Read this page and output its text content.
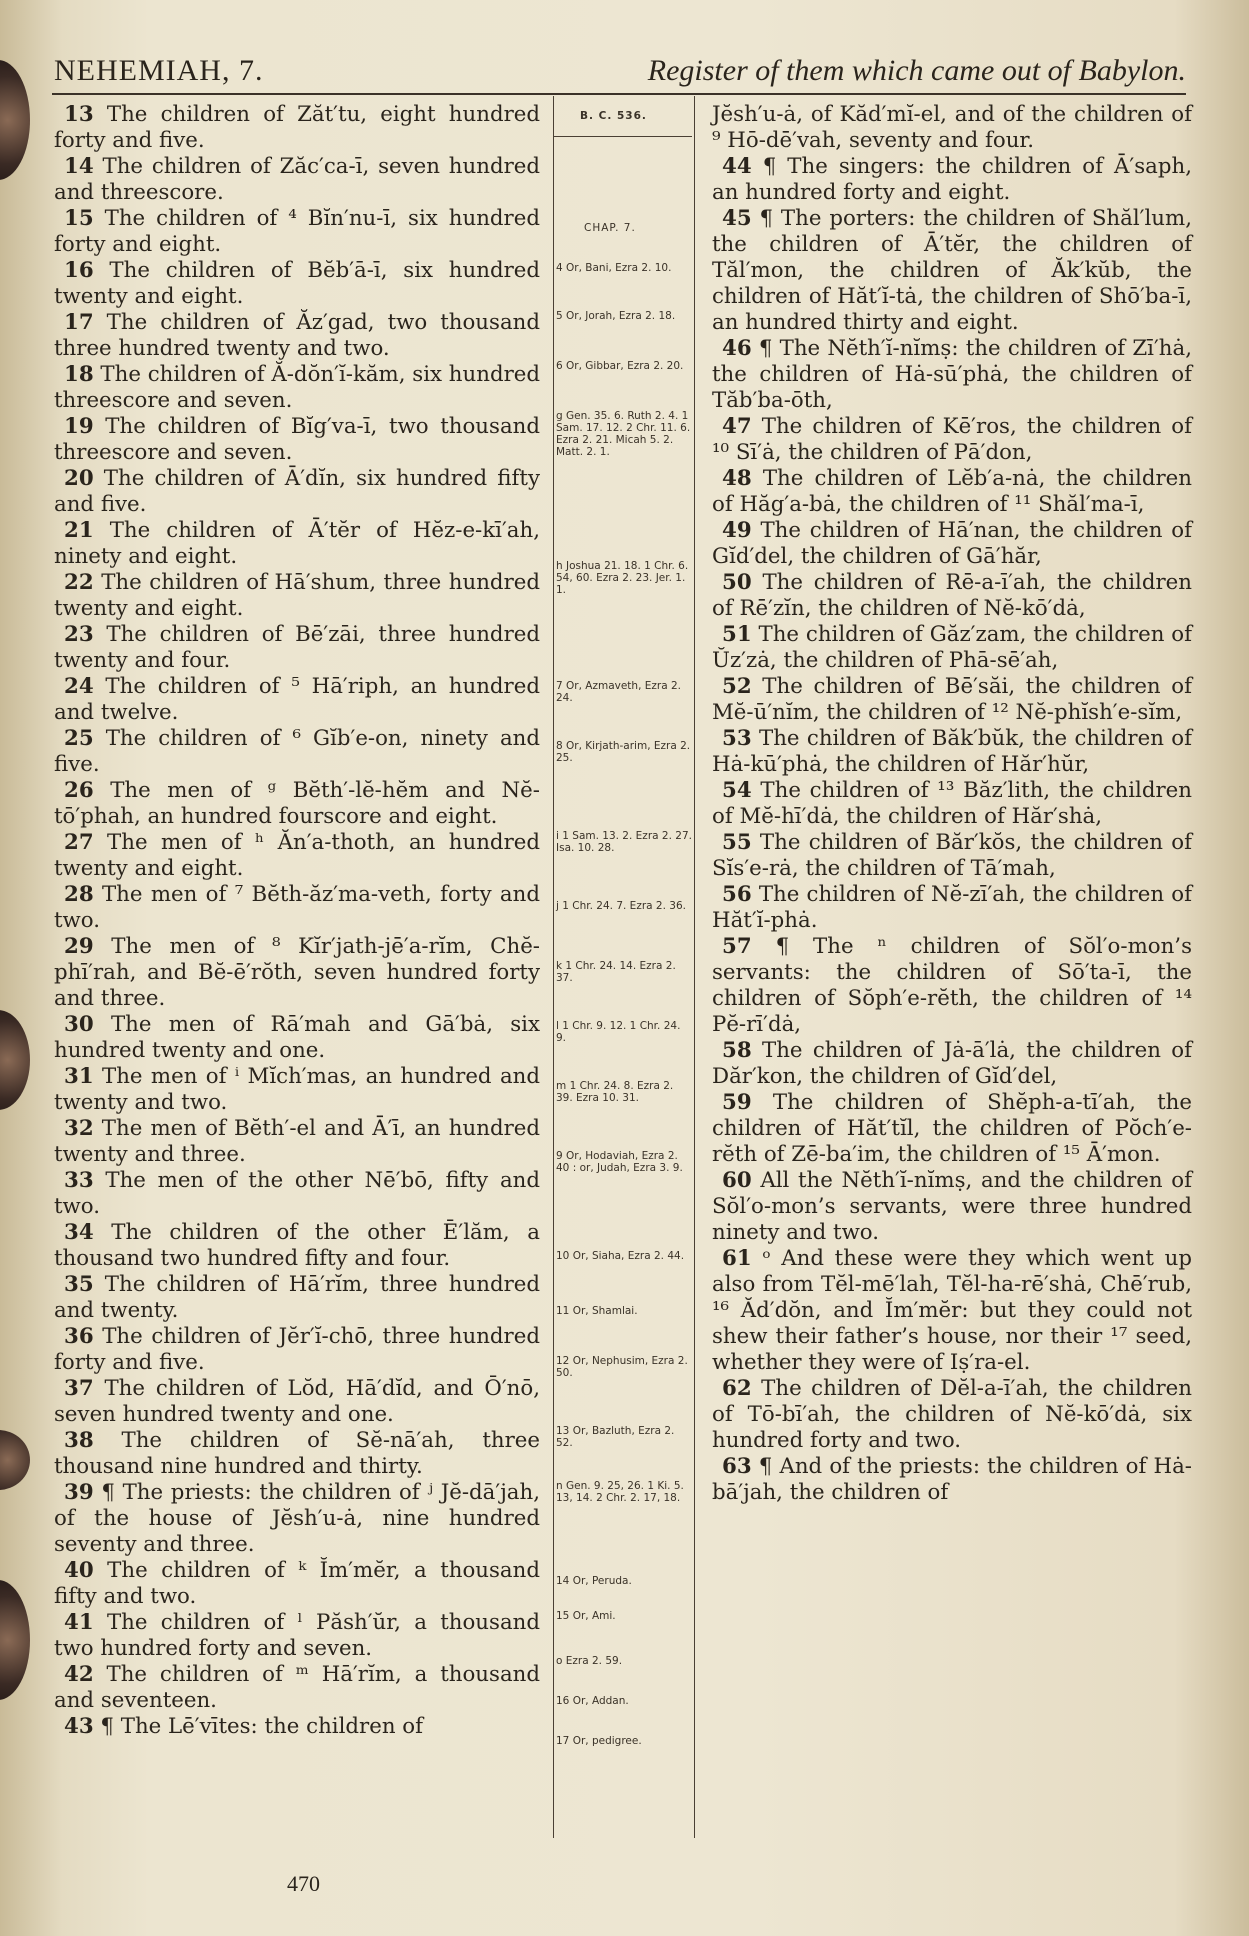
NEHEMIAH, 7.	Register of them which came out of Babylon.

13 The children of Zăt′tu, eight hundred forty and five.

14 The children of Zăc′ca-ī, seven hundred and threescore.

15 The children of ⁴ Bĭn′nu-ī, six hundred forty and eight.

16 The children of Bĕb′ā-ī, six hundred twenty and eight.

17 The children of Ăz′gad, two thousand three hundred twenty and two.

18 The children of Ă-dŏn′ĭ-kăm, six hundred threescore and seven.

19 The children of Bĭg′va-ī, two thousand threescore and seven.

20 The children of Ā′dĭn, six hundred fifty and five.

21 The children of Ā′tĕr of Hĕz-e-kī′ah, ninety and eight.

22 The children of Hā′shum, three hundred twenty and eight.

23 The children of Bē′zāi, three hundred twenty and four.

24 The children of ⁵ Hā′riph, an hundred and twelve.

25 The children of ⁶ Gĭb′e-on, ninety and five.

26 The men of ᵍ Bĕth′-lĕ-hĕm and Nĕ-tō′phah, an hundred fourscore and eight.

27 The men of ʰ Ăn′a-thoth, an hundred twenty and eight.

28 The men of ⁷ Bĕth-ăz′ma-veth, forty and two.

29 The men of ⁸ Kĭr′jath-jē′a-rĭm, Chĕ-phī′rah, and Bĕ-ē′rŏth, seven hundred forty and three.

30 The men of Rā′mah and Gā′bȧ, six hundred twenty and one.

31 The men of ⁱ Mĭch′mas, an hundred and twenty and two.

32 The men of Bĕth′-el and Ā′ī, an hundred twenty and three.

33 The men of the other Nē′bō, fifty and two.

34 The children of the other Ē′lăm, a thousand two hundred fifty and four.

35 The children of Hā′rĭm, three hundred and twenty.

36 The children of Jĕr′ĭ-chō, three hundred forty and five.

37 The children of Lŏd, Hā′dĭd, and Ō′nō, seven hundred twenty and one.

38 The children of Sĕ-nā′ah, three thousand nine hundred and thirty.

39 ¶ The priests: the children of ʲ Jĕ-dā′jah, of the house of Jĕsh′u-ȧ, nine hundred seventy and three.

40 The children of ᵏ Ĭm′mĕr, a thousand fifty and two.

41 The children of ˡ Păsh′ŭr, a thousand two hundred forty and seven.

42 The children of ᵐ Hā′rĭm, a thousand and seventeen.

43 ¶ The Lē′vītes: the children of

B. C. 536.
CHAP. 7.
4 Or, Bani, Ezra 2. 10.
5 Or, Jorah, Ezra 2. 18.
6 Or, Gibbar, Ezra 2. 20.
g Gen. 35. 6. Ruth 2. 4. 1 Sam. 17. 12. 2 Chr. 11. 6. Ezra 2. 21. Micah 5. 2. Matt. 2. 1.
h Joshua 21. 18. 1 Chr. 6. 54, 60. Ezra 2. 23. Jer. 1. 1.
7 Or, Azmaveth, Ezra 2. 24.
8 Or, Kirjath-arim, Ezra 2. 25.
i 1 Sam. 13. 2. Ezra 2. 27. Isa. 10. 28.
j 1 Chr. 24. 7. Ezra 2. 36.
k 1 Chr. 24. 14. Ezra 2. 37.
l 1 Chr. 9. 12. 1 Chr. 24. 9.
m 1 Chr. 24. 8. Ezra 2. 39. Ezra 10. 31.
9 Or, Hodaviah, Ezra 2. 40 : or, Judah, Ezra 3. 9.
10 Or, Siaha, Ezra 2. 44.
11 Or, Shamlai.
12 Or, Nephusim, Ezra 2. 50.
13 Or, Bazluth, Ezra 2. 52.
n Gen. 9. 25, 26. 1 Ki. 5. 13, 14. 2 Chr. 2. 17, 18.
14 Or, Peruda.
15 Or, Ami.
o Ezra 2. 59.
16 Or, Addan.
17 Or, pedigree.

Jĕsh′u-ȧ, of Kăd′mĭ-el, and of the children of ⁹ Hō-dē′vah, seventy and four.

44 ¶ The singers: the children of Ā′saph, an hundred forty and eight.

45 ¶ The porters: the children of Shăl′lum, the children of Ā′tĕr, the children of Tăl′mon, the children of Ăk′kŭb, the children of Hăt′ĭ-tȧ, the children of Shō′ba-ī, an hundred thirty and eight.

46 ¶ The Nĕth′ĭ-nĭmṣ: the children of Zī′hȧ, the children of Hȧ-sū′phȧ, the children of Tăb′ba-ōth,

47 The children of Kē′ros, the children of ¹⁰ Sī′ȧ, the children of Pā′don,

48 The children of Lĕb′a-nȧ, the children of Hăg′a-bȧ, the children of ¹¹ Shăl′ma-ī,

49 The children of Hā′nan, the children of Gĭd′del, the children of Gā′hăr,

50 The children of Rē-a-ī′ah, the children of Rē′zĭn, the children of Nĕ-kō′dȧ,

51 The children of Găz′zam, the children of Ŭz′zȧ, the children of Phā-sē′ah,

52 The children of Bē′săi, the children of Mĕ-ū′nĭm, the children of ¹² Nĕ-phĭsh′e-sĭm,

53 The children of Băk′bŭk, the children of Hȧ-kū′phȧ, the children of Hăr′hŭr,

54 The children of ¹³ Băz′lith, the children of Mĕ-hī′dȧ, the children of Hăr′shȧ,

55 The children of Băr′kŏs, the children of Sĭs′e-rȧ, the children of Tā′mah,

56 The children of Nĕ-zī′ah, the children of Hăt′ĭ-phȧ.

57 ¶ The ⁿ children of Sŏl′o-mon’s servants: the children of Sō′ta-ī, the children of Sŏph′e-rĕth, the children of ¹⁴ Pĕ-rī′dȧ,

58 The children of Jȧ-ā′lȧ, the children of Dăr′kon, the children of Gĭd′del,

59 The children of Shĕph-a-tī′ah, the children of Hăt′tĭl, the children of Pŏch′e-rĕth of Zē-ba′im, the children of ¹⁵ Ā′mon.

60 All the Nĕth′ĭ-nĭmṣ, and the children of Sŏl′o-mon’s servants, were three hundred ninety and two.

61 ᵒ And these were they which went up also from Tĕl-mē′lah, Tĕl-ha-rē′shȧ, Chē′rub, ¹⁶ Ăd′dŏn, and Ĭm′mĕr: but they could not shew their father’s house, nor their ¹⁷ seed, whether they were of Iṣ′ra-el.

62 The children of Dĕl-a-ī′ah, the children of Tō-bī′ah, the children of Nĕ-kō′dȧ, six hundred forty and two.

63 ¶ And of the priests: the children of Hȧ-bā′jah, the children of

470
